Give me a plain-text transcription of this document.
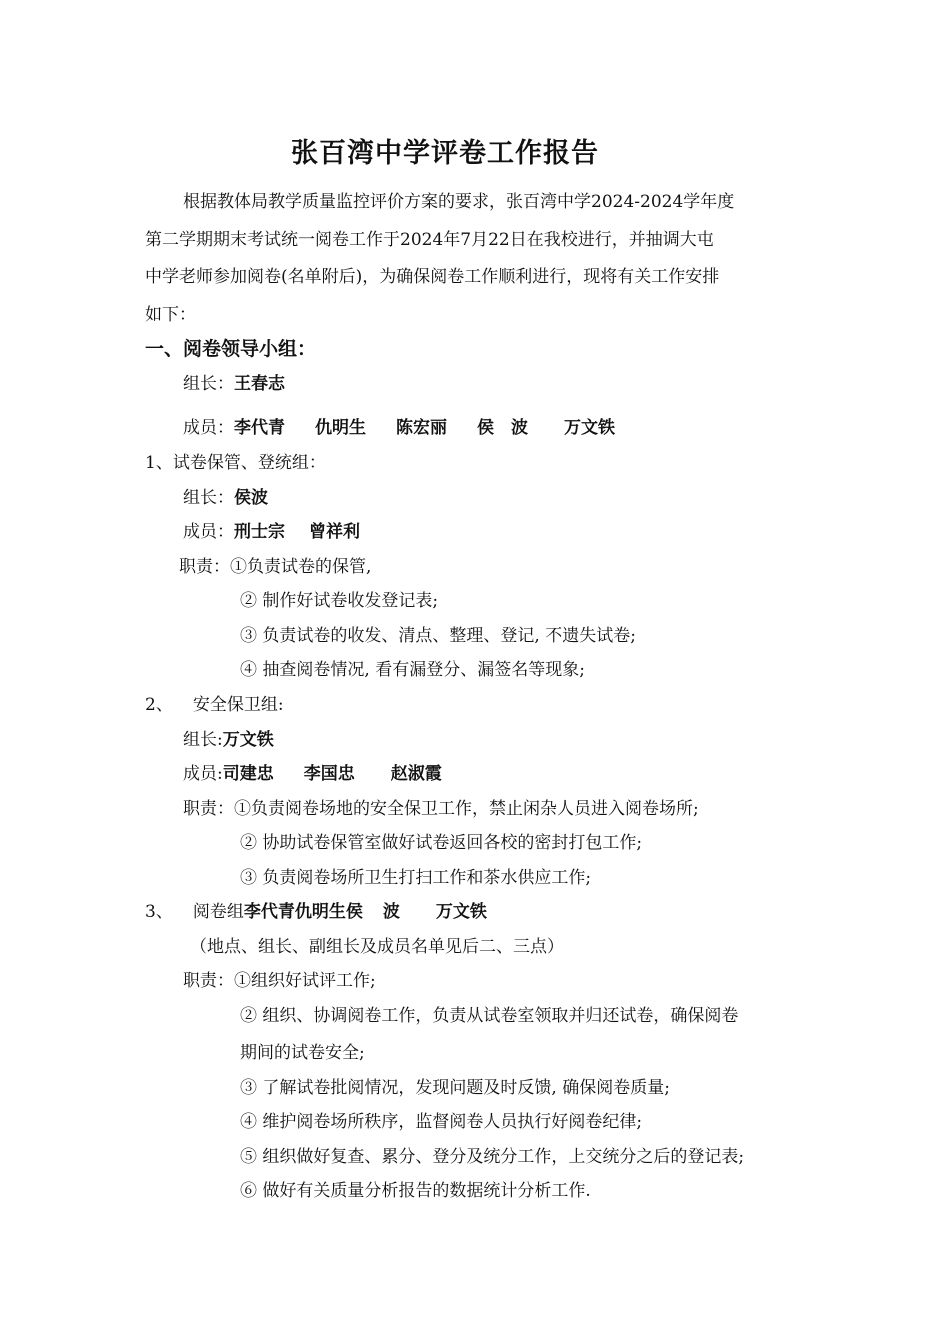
张百湾中学评卷工作报告
根据教体局教学质量监控评价方案的要求，张百湾中学2024-2024学年度
第二学期期末考试统一阅卷工作于2024年7月22日在我校进行，并抽调大屯
中学老师参加阅卷(名单附后)，为确保阅卷工作顺利进行，现将有关工作安排
如下：
一、阅卷领导小组：
组长：王春志
成员：李代青 仇明生 陈宏丽 侯　波 万文铁
1、试卷保管、登统组：
组长：侯波
成员：刑士宗 曾祥利
职责：①负责试卷的保管,
② 制作好试卷收发登记表;
③ 负责试卷的收发、清点、整理、登记, 不遗失试卷;
④ 抽查阅卷情况, 看有漏登分、漏签名等现象;
2、 安全保卫组:
组长:万文铁
成员:司建忠 李国忠 赵淑霞
职责：①负责阅卷场地的安全保卫工作，禁止闲杂人员进入阅卷场所;
② 协助试卷保管室做好试卷返回各校的密封打包工作;
③ 负责阅卷场所卫生打扫工作和茶水供应工作;
3、 阅卷组李代青仇明生侯 波 万文铁
（地点、组长、副组长及成员名单见后二、三点）
职责：①组织好试评工作;
② 组织、协调阅卷工作，负责从试卷室领取并归还试卷，确保阅卷
期间的试卷安全;
③ 了解试卷批阅情况，发现问题及时反馈, 确保阅卷质量;
④ 维护阅卷场所秩序，监督阅卷人员执行好阅卷纪律;
⑤ 组织做好复查、累分、登分及统分工作，上交统分之后的登记表;
⑥ 做好有关质量分析报告的数据统计分析工作.
